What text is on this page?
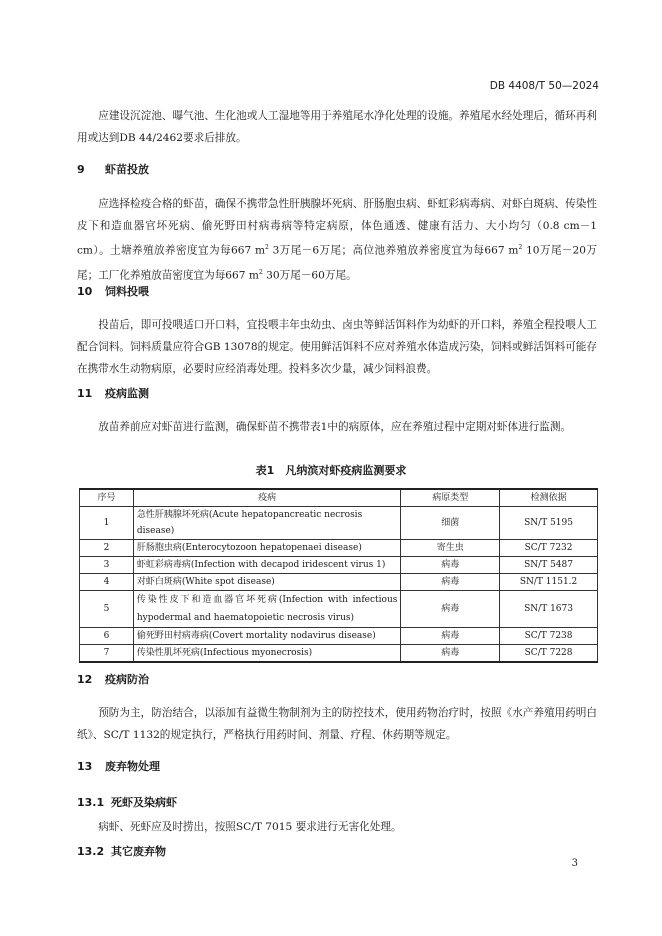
DB 4408/T 50—2024
应建设沉淀池、曝气池、生化池或人工湿地等用于养殖尾水净化处理的设施。养殖尾水经处理后，循环再利用或达到DB 44/2462要求后排放。
9 虾苗投放
应选择检疫合格的虾苗，确保不携带急性肝胰腺坏死病、肝肠胞虫病、虾虹彩病毒病、对虾白斑病、传染性皮下和造血器官坏死病、偷死野田村病毒病等特定病原，体色通透、健康有活力、大小均匀（0.8 cm－1 cm）。土塘养殖放养密度宜为每667 $m^2$ 3万尾－6万尾；高位池养殖放养密度宜为每667 $m^2$ 10万尾－20万尾；工厂化养殖放苗密度宜为每667 $m^2$ 30万尾－60万尾。
10 饲料投喂
投苗后，即可投喂适口开口料，宜投喂丰年虫幼虫、卤虫等鲜活饵料作为幼虾的开口料，养殖全程投喂人工配合饲料。饲料质量应符合GB 13078的规定。使用鲜活饵料不应对养殖水体造成污染，饲料或鲜活饵料可能存在携带水生动物病原，必要时应经消毒处理。投料多次少量，减少饲料浪费。
11 疫病监测
放苗养前应对虾苗进行监测，确保虾苗不携带表1中的病原体，应在养殖过程中定期对虾体进行监测。
表1　凡纳滨对虾疫病监测要求
序号	疫病	病原类型	检测依据
1	急性肝胰腺坏死病(Acute hepatopancreatic necrosis disease)	细菌	SN/T 5195
2	肝肠胞虫病(Enterocytozoon hepatopenaei disease)	寄生虫	SC/T 7232
3	虾虹彩病毒病(Infection with decapod iridescent virus 1)	病毒	SN/T 5487
4	对虾白斑病(White spot disease)	病毒	SN/T 1151.2
5	传染性皮下和造血器官坏死病(Infection with infectious
hypodermal and haematopoietic necrosis virus)	病毒	SN/T 1673
6	偷死野田村病毒病(Covert mortality nodavirus disease)	病毒	SC/T 7238
7	传染性肌坏死病(Infectious myonecrosis)	病毒	SC/T 7228
12 疫病防治
预防为主，防治结合，以添加有益微生物制剂为主的防控技术，使用药物治疗时，按照《水产养殖用药明白纸》、SC/T 1132的规定执行，严格执行用药时间、剂量、疗程、休药期等规定。
13 废弃物处理
13.1 死虾及染病虾
病虾、死虾应及时捞出，按照SC/T 7015 要求进行无害化处理。
13.2 其它废弃物
3
